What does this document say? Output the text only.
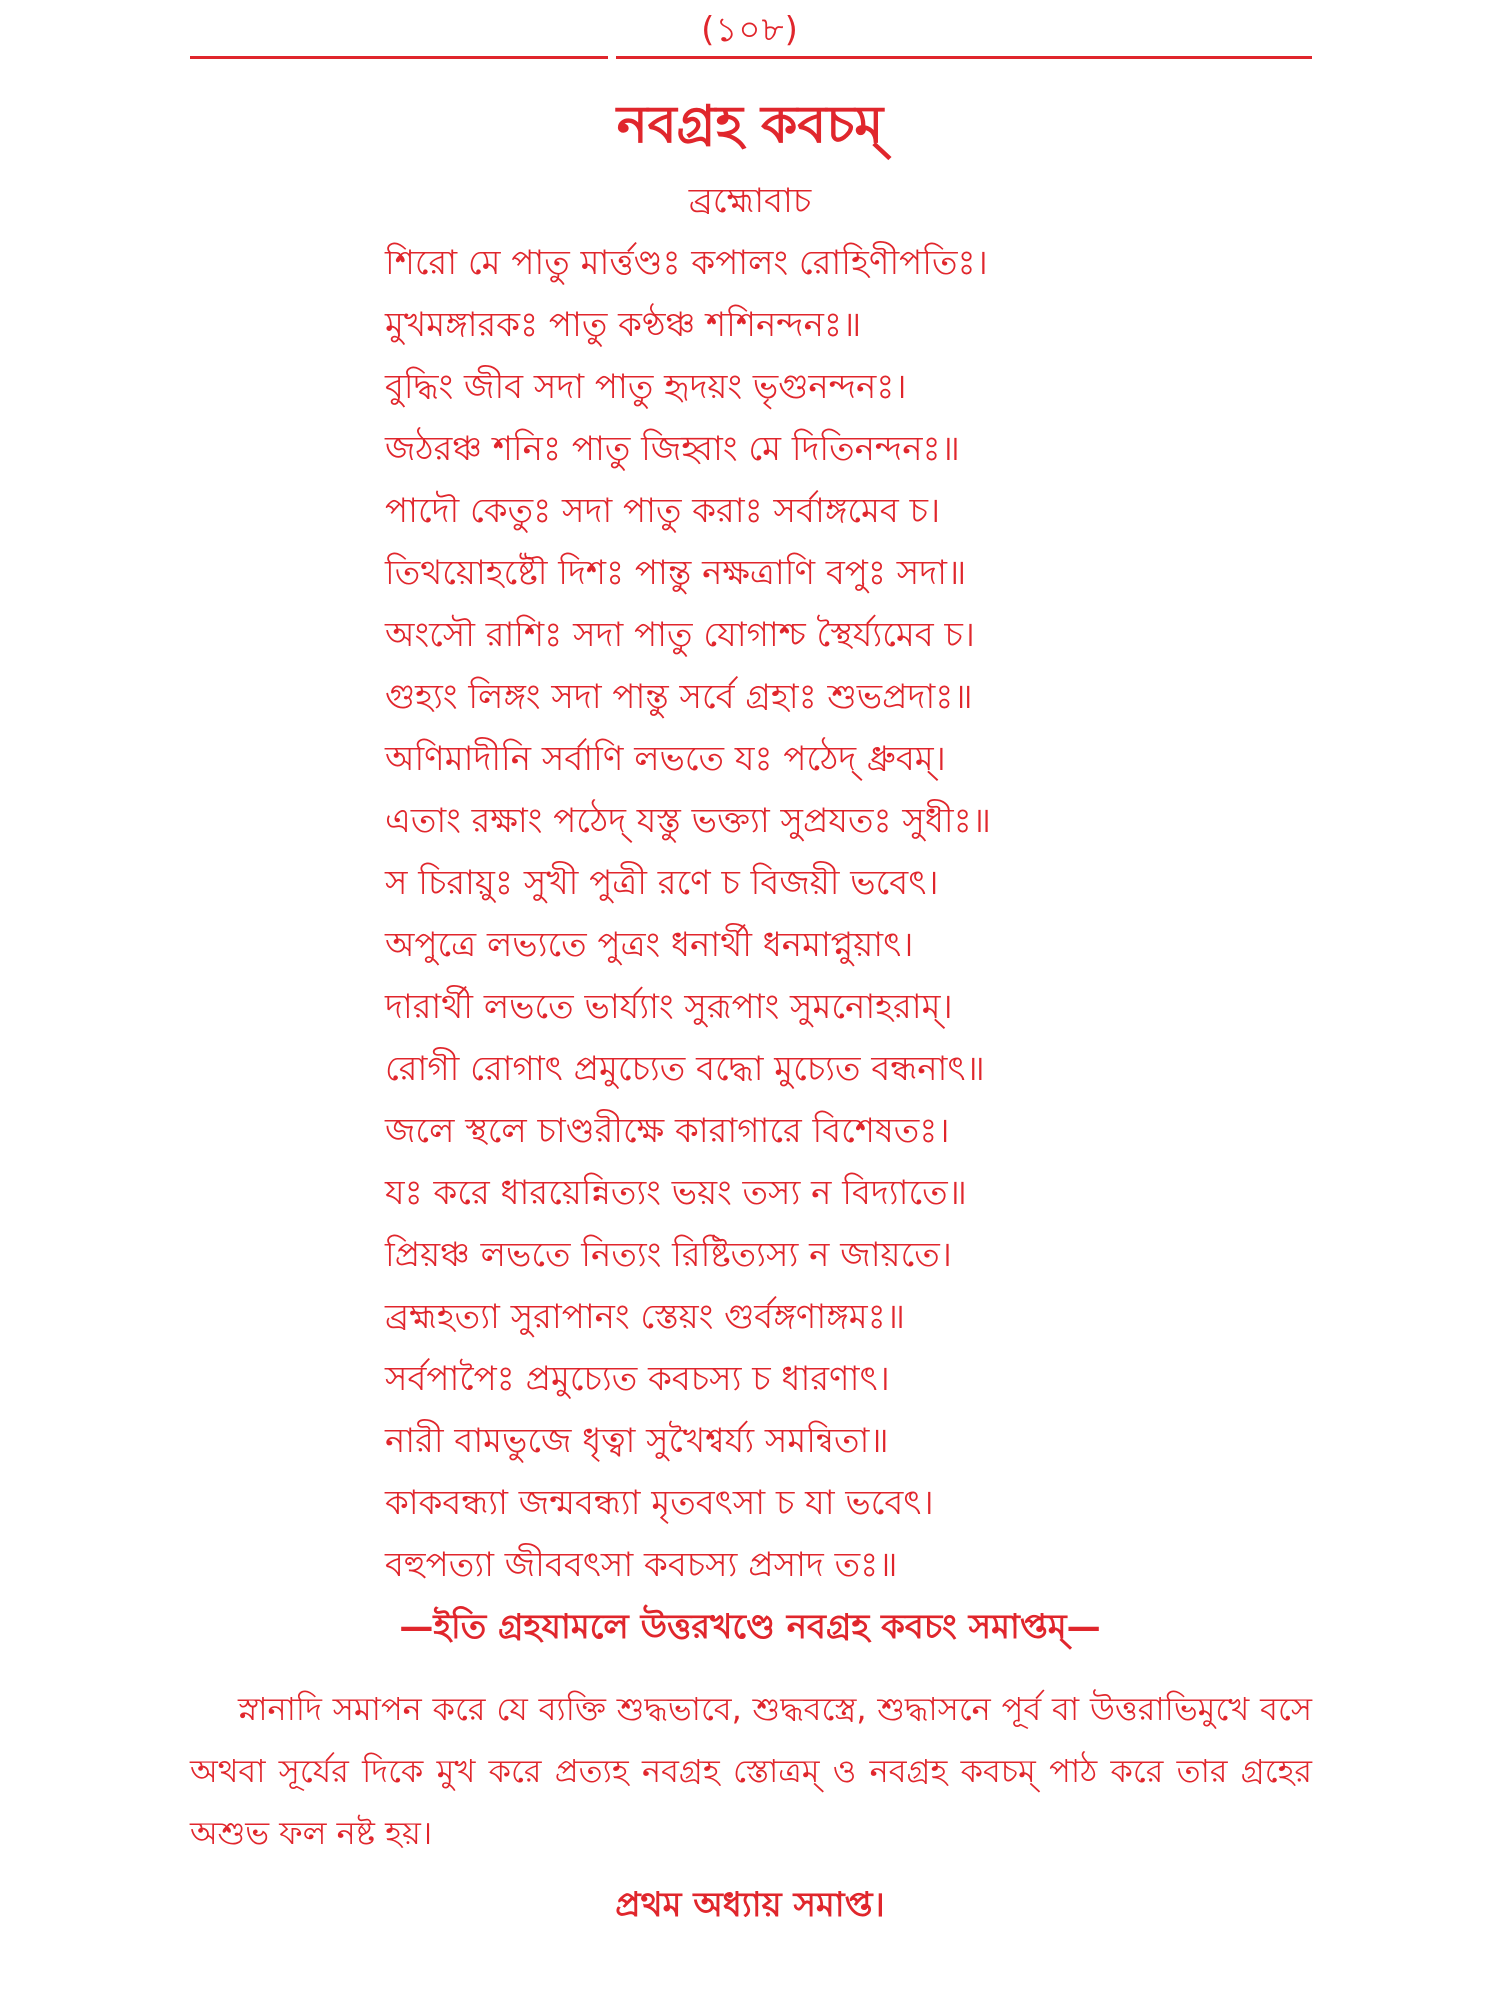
(১০৮)
নবগ্রহ কবচম্
ব্রহ্মোবাচ
শিরো মে পাতু মার্ত্তণ্ডঃ কপালং রোহিণীপতিঃ।
মুখমঙ্গারকঃ পাতু কণ্ঠঞ্চ শশিনন্দনঃ॥
বুদ্ধিং জীব সদা পাতু হৃদয়ং ভৃগুনন্দনঃ।
জঠরঞ্চ শনিঃ পাতু জিহ্বাং মে দিতিনন্দনঃ॥
পাদৌ কেতুঃ সদা পাতু করাঃ সর্বাঙ্গমেব চ।
তিথয়োহষ্টৌ দিশঃ পান্তু নক্ষত্রাণি বপুঃ সদা॥
অংসৌ রাশিঃ সদা পাতু যোগাশ্চ স্থৈর্য্যমেব চ।
গুহ্যং লিঙ্গং সদা পান্তু সর্বে গ্রহাঃ শুভপ্রদাঃ॥
অণিমাদীনি সর্বাণি লভতে যঃ পঠেদ্ ধ্রুবম্।
এতাং রক্ষাং পঠেদ্ যস্তু ভক্ত্যা সুপ্রযতঃ সুধীঃ॥
স চিরায়ুঃ সুখী পুত্রী রণে চ বিজয়ী ভবেৎ।
অপুত্রে লভ্যতে পুত্রং ধনার্থী ধনমাপ্নুয়াৎ।
দারার্থী লভতে ভার্য্যাং সুরূপাং সুমনোহরাম্।
রোগী রোগাৎ প্রমুচ্যেত বদ্ধো মুচ্যেত বন্ধনাৎ॥
জলে স্থলে চাণ্ডরীক্ষে কারাগারে বিশেষতঃ।
যঃ করে ধারয়েন্নিত্যং ভয়ং তস্য ন বিদ্যাতে॥
প্রিয়ঞ্চ লভতে নিত্যং রিষ্টিত্যস্য ন জায়তে।
ব্রহ্মহত্যা সুরাপানং স্তেয়ং গুর্বঙ্গণাঙ্গমঃ॥
সর্বপাপৈঃ প্রমুচ্যেত কবচস্য চ ধারণাৎ।
নারী বামভুজে ধৃত্বা সুখৈশ্বর্য্য সমন্বিতা॥
কাকবন্ধ্যা জন্মবন্ধ্যা মৃতবৎসা চ যা ভবেৎ।
বহুপত্যা জীববৎসা কবচস্য প্রসাদ তঃ॥
—ইতি গ্রহযামলে উত্তরখণ্ডে নবগ্রহ কবচং সমাপ্তম্—

স্নানাদি সমাপন করে যে ব্যক্তি শুদ্ধভাবে, শুদ্ধবস্ত্রে, শুদ্ধাসনে পূর্ব বা উত্তরাভিমুখে বসে অথবা সূর্যের দিকে মুখ করে প্রত্যহ নবগ্রহ স্তোত্রম্ ও নবগ্রহ কবচম্ পাঠ করে তার গ্রহের অশুভ ফল নষ্ট হয়।

প্রথম অধ্যায় সমাপ্ত।
